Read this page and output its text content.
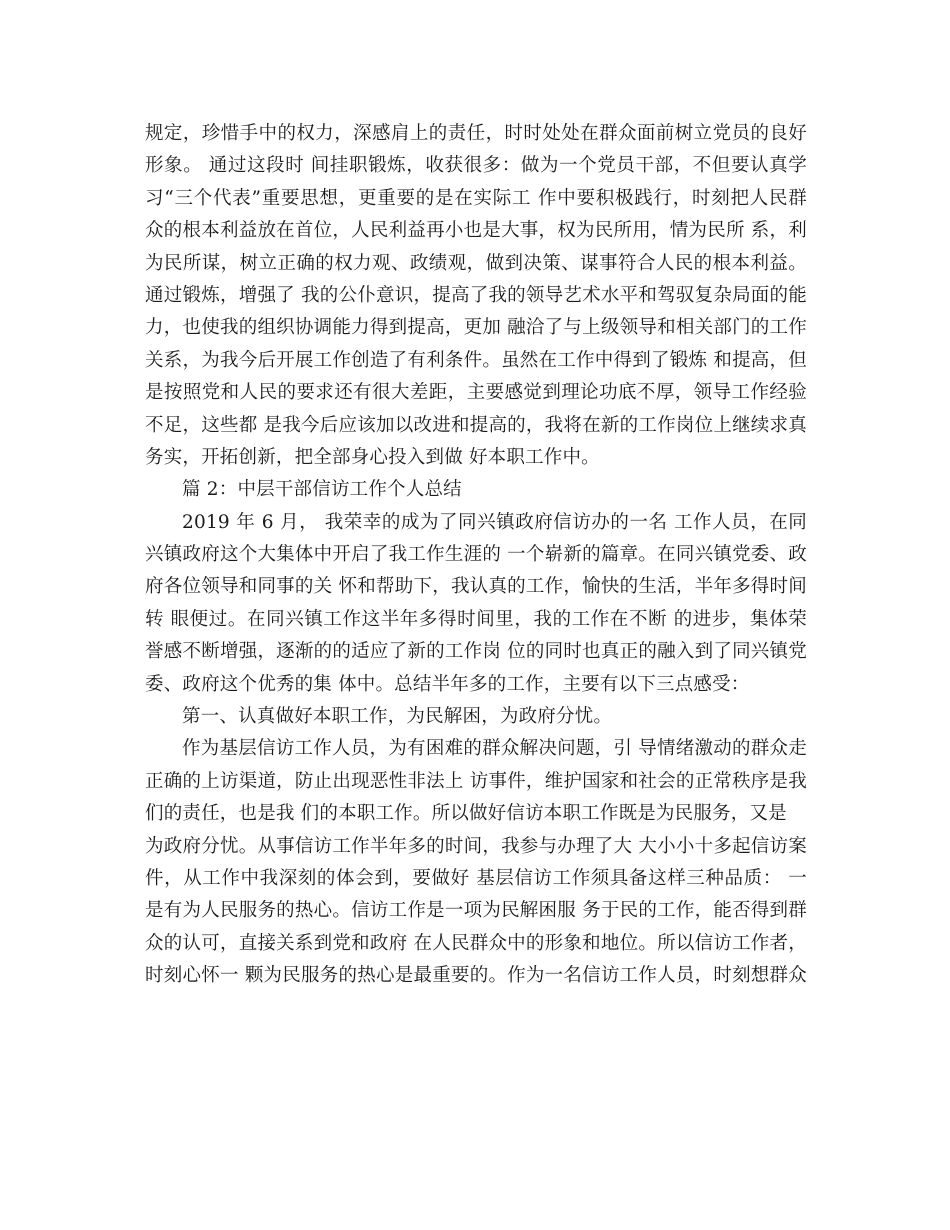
规定，珍惜手中的权力，深感肩上的责任，时时处处在群众面前树立党员的良好
形象。 通过这段时 间挂职锻炼，收获很多：做为一个党员干部，不但要认真学
习“三个代表”重要思想，更重要的是在实际工 作中要积极践行，时刻把人民群
众的根本利益放在首位，人民利益再小也是大事，权为民所用，情为民所 系，利
为民所谋，树立正确的权力观、政绩观，做到决策、谋事符合人民的根本利益。
通过锻炼，增强了 我的公仆意识，提高了我的领导艺术水平和驾驭复杂局面的能
力，也使我的组织协调能力得到提高，更加 融洽了与上级领导和相关部门的工作
关系，为我今后开展工作创造了有利条件。虽然在工作中得到了锻炼 和提高，但
是按照党和人民的要求还有很大差距，主要感觉到理论功底不厚，领导工作经验
不足，这些都 是我今后应该加以改进和提高的，我将在新的工作岗位上继续求真
务实，开拓创新，把全部身心投入到做 好本职工作中。
篇 2：中层干部信访工作个人总结
2019 年 6 月， 我荣幸的成为了同兴镇政府信访办的一名 工作人员，在同
兴镇政府这个大集体中开启了我工作生涯的 一个崭新的篇章。在同兴镇党委、政
府各位领导和同事的关 怀和帮助下，我认真的工作，愉快的生活，半年多得时间
转 眼便过。在同兴镇工作这半年多得时间里，我的工作在不断 的进步，集体荣
誉感不断增强，逐渐的的适应了新的工作岗 位的同时也真正的融入到了同兴镇党
委、政府这个优秀的集 体中。总结半年多的工作，主要有以下三点感受：
第一、认真做好本职工作，为民解困，为政府分忧。
作为基层信访工作人员，为有困难的群众解决问题，引 导情绪激动的群众走
正确的上访渠道，防止出现恶性非法上 访事件，维护国家和社会的正常秩序是我
们的责任，也是我 们的本职工作。所以做好信访本职工作既是为民服务，又是
为政府分忧。从事信访工作半年多的时间，我参与办理了大 大小小十多起信访案
件，从工作中我深刻的体会到，要做好 基层信访工作须具备这样三种品质： 一
是有为人民服务的热心。信访工作是一项为民解困服 务于民的工作，能否得到群
众的认可，直接关系到党和政府 在人民群众中的形象和地位。所以信访工作者，
时刻心怀一 颗为民服务的热心是最重要的。作为一名信访工作人员，时刻想群众
